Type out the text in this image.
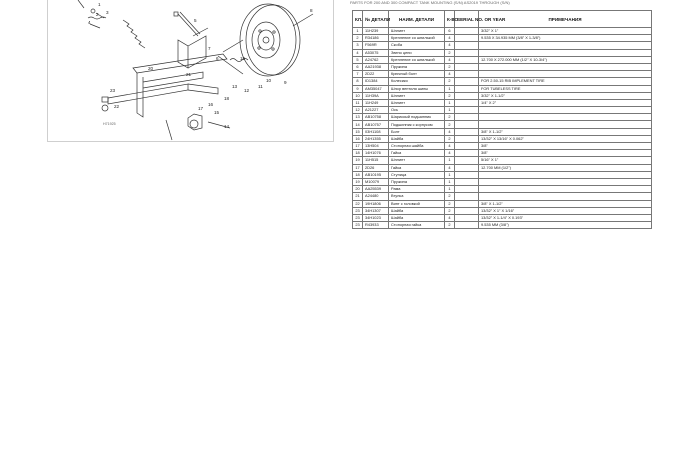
PARTS FOR 200 AND 300 COMPACT TANK MOUNTING (S/N) AS2019 THROUGH (S/N)
1
2 3
4	5
6
7
8
9
10
11
12
13
14
15
16
17
18
19
20
21
22
23
H71925
КЛ.	№ ДЕТАЛИ	НАИМ. ДЕТАЛИ	К-ВО	SERIAL NO. OR YEAR	ПРИМЕЧАНИЯ
1	11H239	Шплинт	6		3/32" X 1"
2	R34186	Крепление со шпилькой	4		9.535 X 34.935 MM (3/8" X 1-3/8")
3	F569R	Скоба	4		
4	A53075	Звено цепи	2		
5	A24762	Крепление со шпилькой	4		12.700 X 272.000 MM (1/2" X 10-3/4")
6	AA21938	Пружина	2		
7	2D22	Крючный болт	4		
8	ID1384	Колесико	2		FOR 2.50-15 RIB IMPLEMENT TIRE
9	AM35047	Шпор вентиля шины	1		FOR TUBELESS TIRE
10	11H39A	Шплинт	2		3/32" X 1-1/2"
11	11H249	Шплинт	1		1/4" X 2"
12	A21227	Ось	1		
13	AB10758	Шарикоый подшипник	2		
14	AB10757	Подшипник с корпусом	2		
15	03H1108	Болт	4		3/8" X 1-1/2"
16	24H1355	Шайба	2		13/32" X 13/16" X 0.062"
17	13H504	Стопорная шайба	4		3/8"
18	14H1076	Гайка	4		3/8"
19	11H515	Шплинт	1		5/16" X 1"
17	2D26	Гайка	4		12.700 MM (1/2")
18	AB10195	Ступица	1		
19	M10079	Пружина	1		
20	AA25539	Рама	1		
21	A24480	Втулка	2		
22	19H1806	Винт с головкой	2		3/8" X 1-1/2"
23	34H1307	Шайба	2		13/32" X 1" X 1/16"
23	34H1023	Шайба	4		13/32" X 1-1/4" X 0.193"
23	R43933	Стопорная гайка	2		9.535 MM (3/8")
